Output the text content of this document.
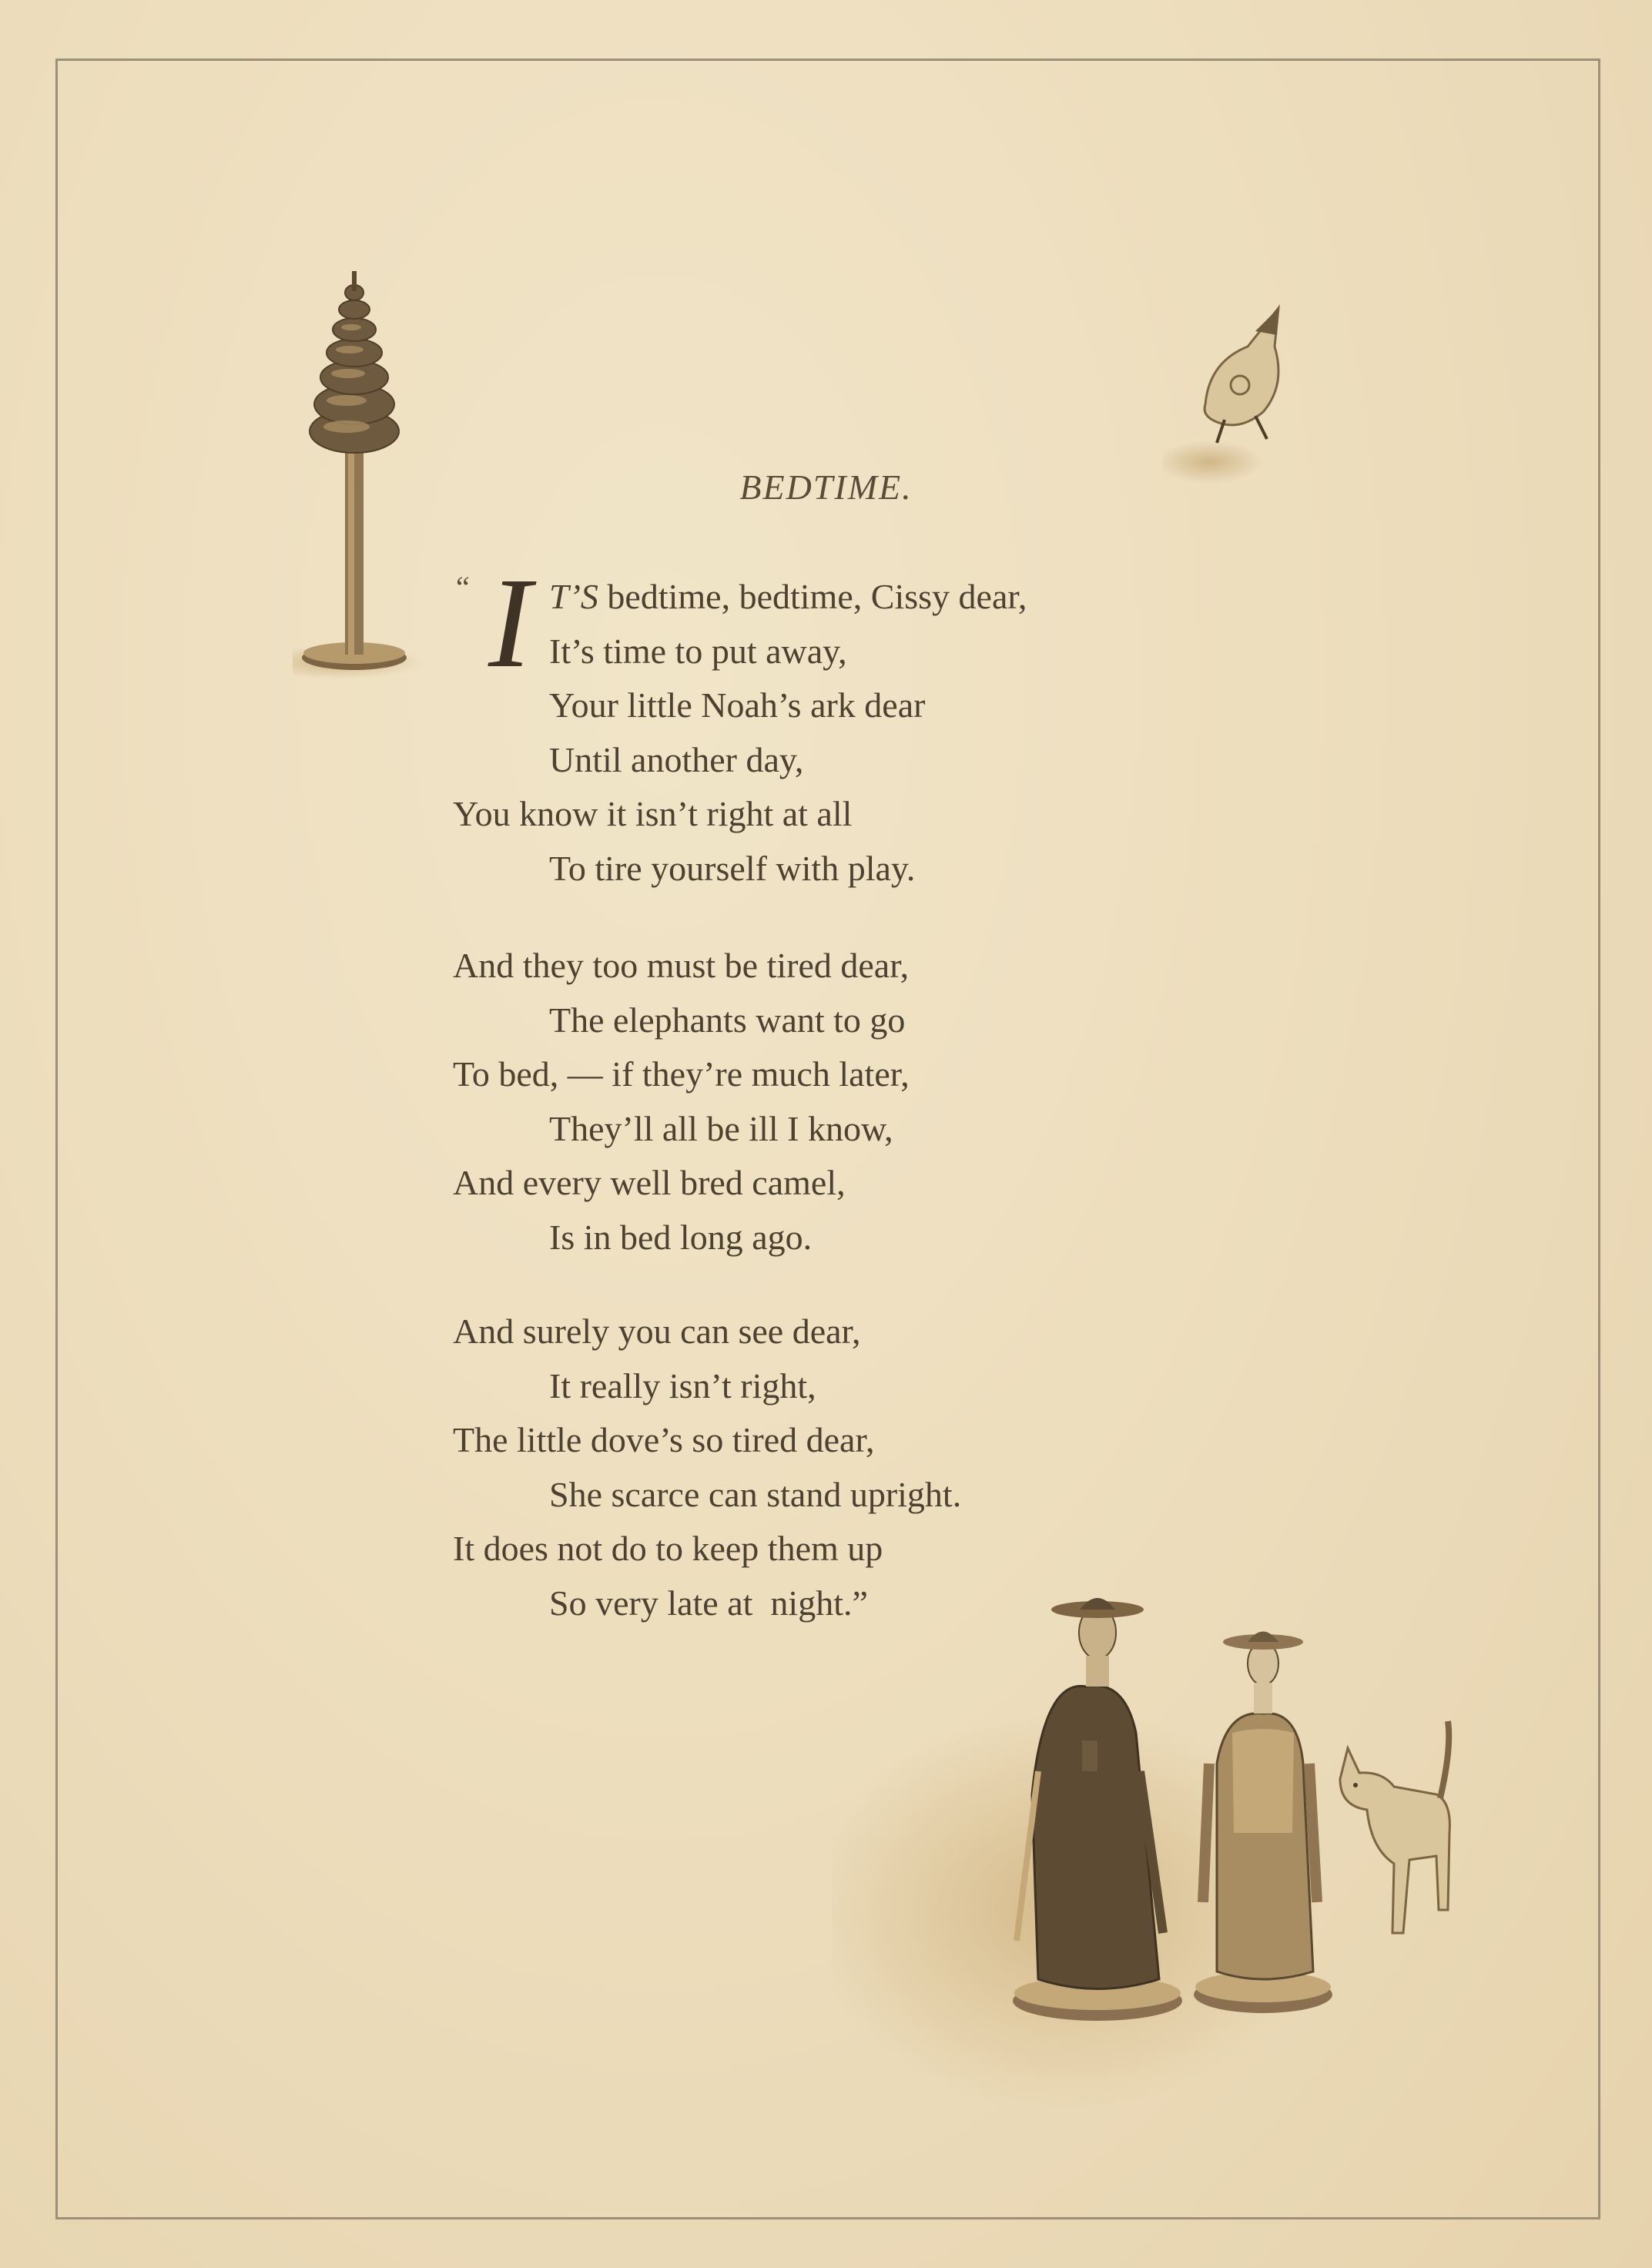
BEDTIME.
“ I T’S bedtime, bedtime, Cissy dear,
It’s time to put away,
Your little Noah’s ark dear
Until another day,
You know it isn’t right at all
To tire yourself with play.
And they too must be tired dear,
The elephants want to go
To bed, — if they’re much later,
They’ll all be ill I know,
And every well bred camel,
Is in bed long ago.
And surely you can see dear,
It really isn’t right,
The little dove’s so tired dear,
She scarce can stand upright.
It does not do to keep them up
So very late at  night.”
